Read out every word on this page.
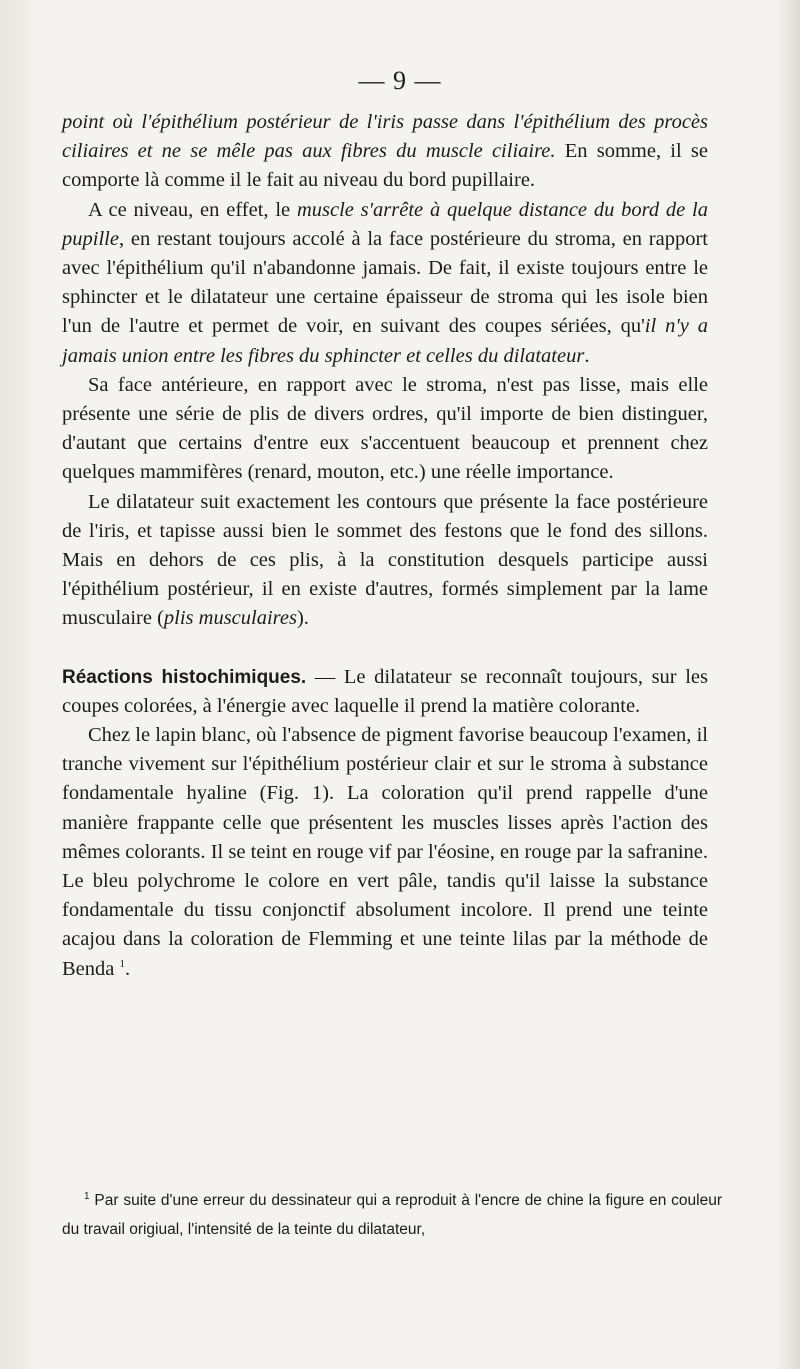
— 9 —

point où l'épithélium postérieur de l'iris passe dans l'épithélium des procès ciliaires et ne se mêle pas aux fibres du muscle ciliaire. En somme, il se comporte là comme il le fait au niveau du bord pupillaire.

A ce niveau, en effet, le muscle s'arrête à quelque distance du bord de la pupille, en restant toujours accolé à la face postérieure du stroma, en rapport avec l'épithélium qu'il n'abandonne jamais. De fait, il existe toujours entre le sphincter et le dilatateur une certaine épaisseur de stroma qui les isole bien l'un de l'autre et permet de voir, en suivant des coupes sériées, qu'il n'y a jamais union entre les fibres du sphincter et celles du dilatateur.

Sa face antérieure, en rapport avec le stroma, n'est pas lisse, mais elle présente une série de plis de divers ordres, qu'il importe de bien distinguer, d'autant que certains d'entre eux s'accentuent beaucoup et prennent chez quelques mammifères (renard, mouton, etc.) une réelle importance.

Le dilatateur suit exactement les contours que présente la face postérieure de l'iris, et tapisse aussi bien le sommet des festons que le fond des sillons. Mais en dehors de ces plis, à la constitution desquels participe aussi l'épithélium postérieur, il en existe d'autres, formés simplement par la lame musculaire (plis musculaires).

Réactions histochimiques. — Le dilatateur se reconnaît toujours, sur les coupes colorées, à l'énergie avec laquelle il prend la matière colorante.

Chez le lapin blanc, où l'absence de pigment favorise beaucoup l'examen, il tranche vivement sur l'épithélium postérieur clair et sur le stroma à substance fondamentale hyaline (Fig. 1). La coloration qu'il prend rappelle d'une manière frappante celle que présentent les muscles lisses après l'action des mêmes colorants. Il se teint en rouge vif par l'éosine, en rouge par la safranine. Le bleu polychrome le colore en vert pâle, tandis qu'il laisse la substance fondamentale du tissu conjonctif absolument incolore. Il prend une teinte acajou dans la coloration de Flemming et une teinte lilas par la méthode de Benda $^1$.

$^1$ Par suite d'une erreur du dessinateur qui a reproduit à l'encre de chine la figure en couleur du travail origiual, l'intensité de la teinte du dilatateur,
